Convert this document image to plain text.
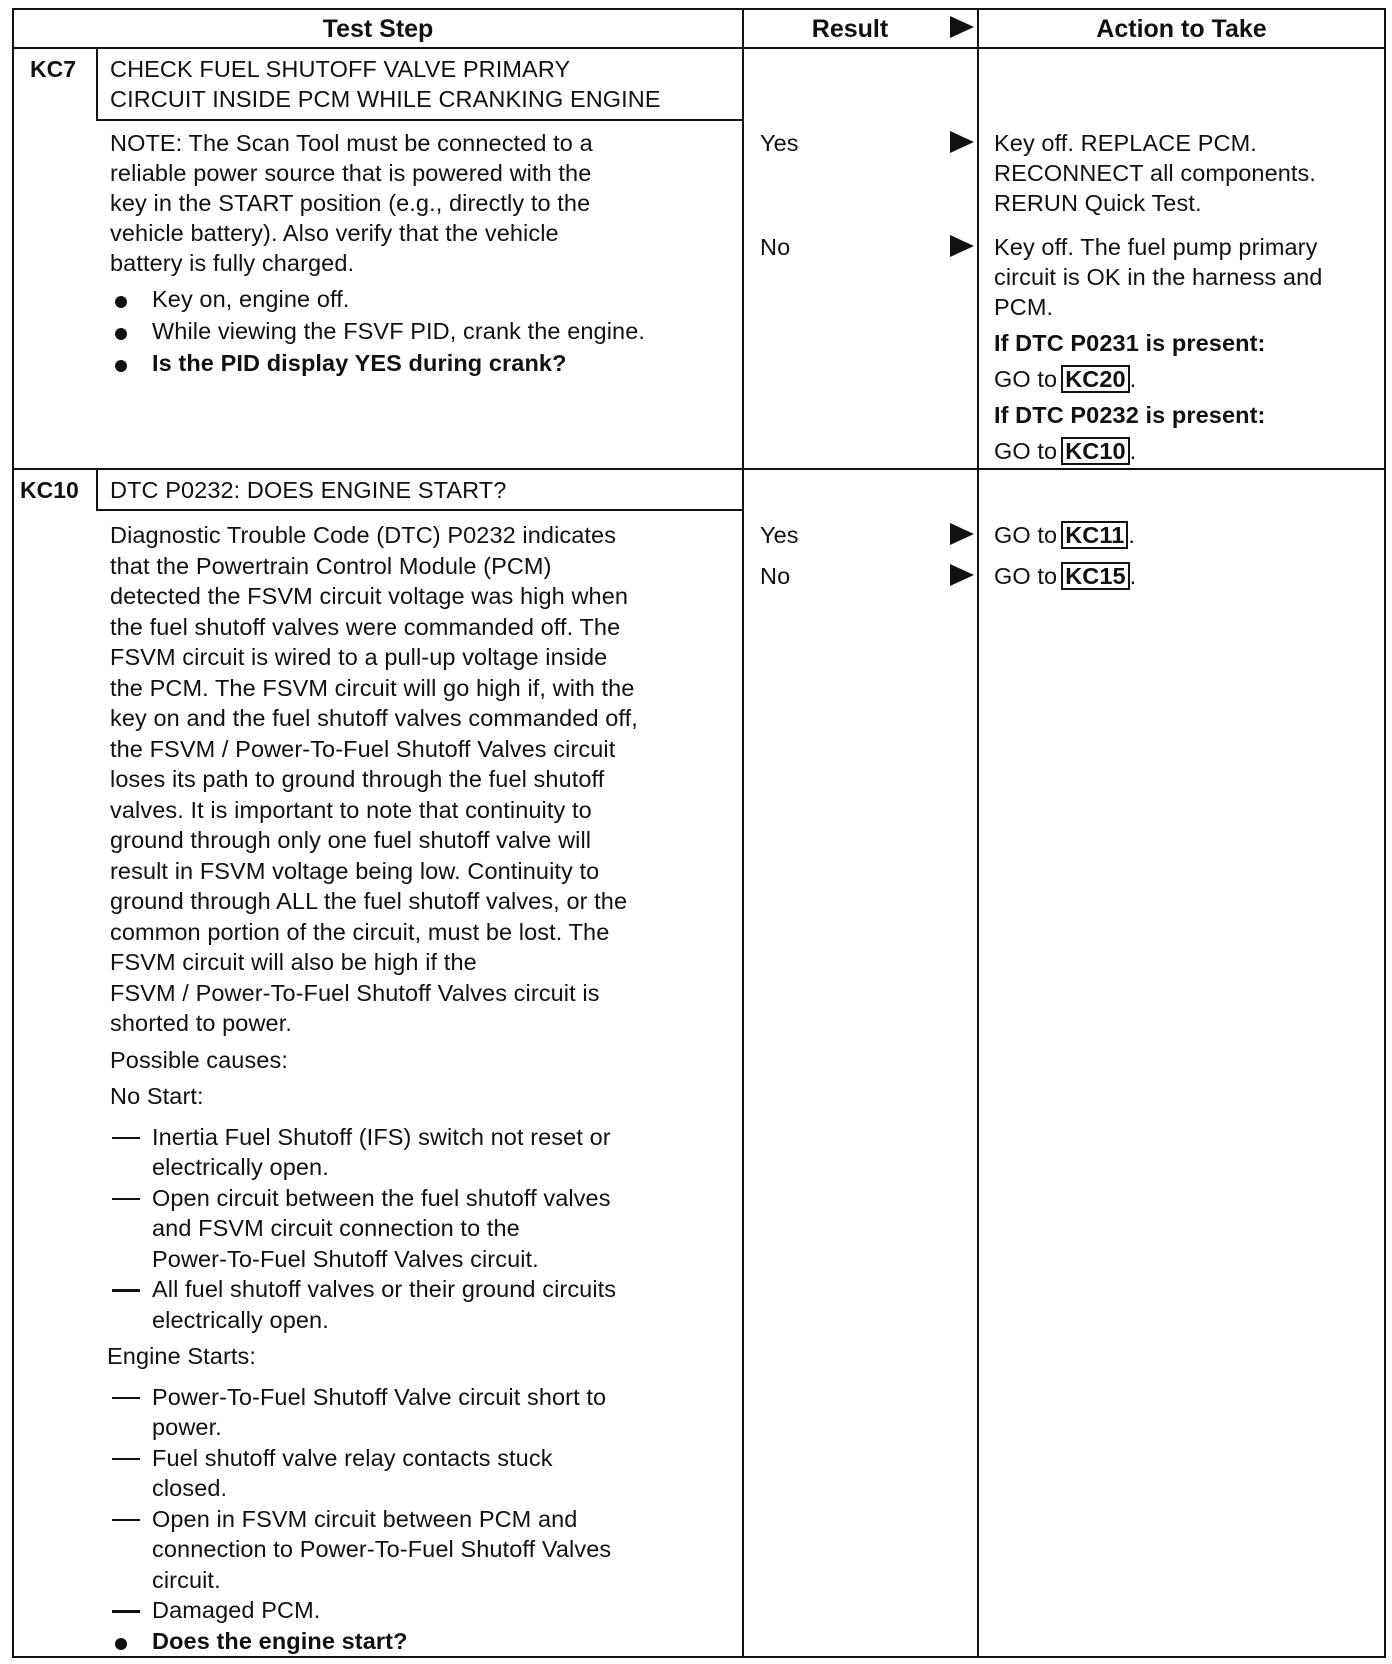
Test Step	Result	Action to Take
KC7 CHECK FUEL SHUTOFF VALVE PRIMARY
CIRCUIT INSIDE PCM WHILE CRANKING ENGINE
NOTE: The Scan Tool must be connected to a
reliable power source that is powered with the
key in the START position (e.g., directly to the
vehicle battery). Also verify that the vehicle
battery is fully charged.
Key on, engine off.
While viewing the FSVF PID, crank the engine.
Is the PID display YES during crank?
Yes	Key off. REPLACE PCM.
RECONNECT all components.
RERUN Quick Test.
No	Key off. The fuel pump primary
circuit is OK in the harness and
PCM.
If DTC P0231 is present:
GO to KC20 .
If DTC P0232 is present:
GO to KC10 .
KC10 DTC P0232: DOES ENGINE START?
Diagnostic Trouble Code (DTC) P0232 indicates
that the Powertrain Control Module (PCM)
detected the FSVM circuit voltage was high when
the fuel shutoff valves were commanded off. The
FSVM circuit is wired to a pull-up voltage inside
the PCM. The FSVM circuit will go high if, with the
key on and the fuel shutoff valves commanded off,
the FSVM / Power-To-Fuel Shutoff Valves circuit
loses its path to ground through the fuel shutoff
valves. It is important to note that continuity to
ground through only one fuel shutoff valve will
result in FSVM voltage being low. Continuity to
ground through ALL the fuel shutoff valves, or the
common portion of the circuit, must be lost. The
FSVM circuit will also be high if the
FSVM / Power-To-Fuel Shutoff Valves circuit is
shorted to power.
Possible causes:
No Start:
Inertia Fuel Shutoff (IFS) switch not reset or
electrically open.
Open circuit between the fuel shutoff valves
and FSVM circuit connection to the
Power-To-Fuel Shutoff Valves circuit.
All fuel shutoff valves or their ground circuits
electrically open.
Engine Starts:
Power-To-Fuel Shutoff Valve circuit short to
power.
Fuel shutoff valve relay contacts stuck
closed.
Open in FSVM circuit between PCM and
connection to Power-To-Fuel Shutoff Valves
circuit.
Damaged PCM.
Does the engine start?
Yes	GO to KC11 .
No	GO to KC15 .
